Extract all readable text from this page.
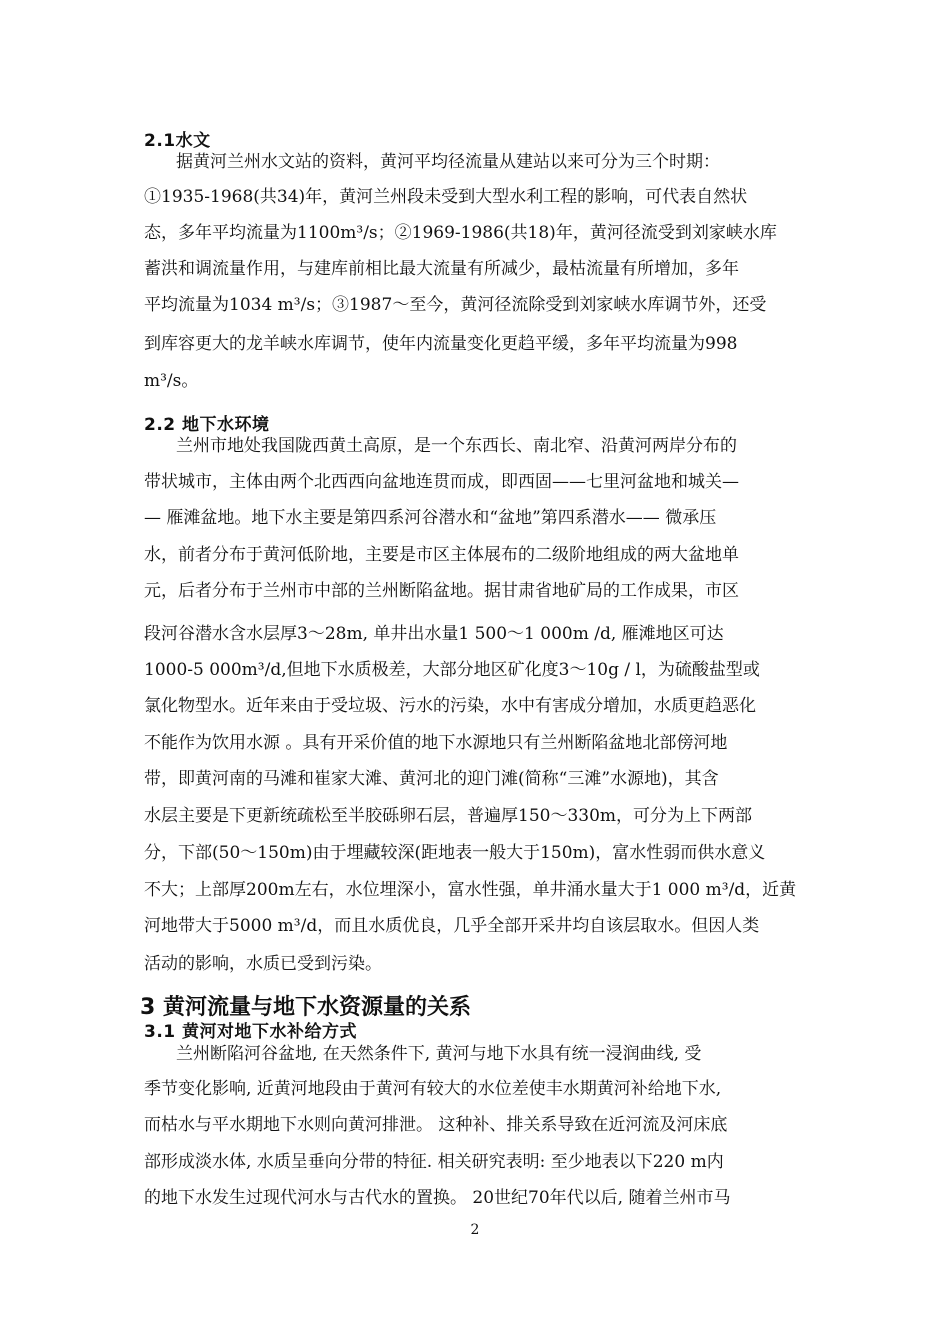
2.1水文
据黄河兰州水文站的资料，黄河平均径流量从建站以来可分为三个时期：
①1935-1968(共34)年，黄河兰州段未受到大型水利工程的影响，可代表自然状
态，多年平均流量为1100m³/s；②1969-1986(共18)年，黄河径流受到刘家峡水库
蓄洪和调流量作用，与建库前相比最大流量有所减少，最枯流量有所增加，多年
平均流量为1034 m³/s；③1987～至今，黄河径流除受到刘家峡水库调节外，还受
到库容更大的龙羊峡水库调节，使年内流量变化更趋平缓，多年平均流量为998
m³/s。
2.2 地下水环境
兰州市地处我国陇西黄土高原，是一个东西长、南北窄、沿黄河两岸分布的
带状城市，主体由两个北西西向盆地连贯而成，即西固——七里河盆地和城关—
— 雁滩盆地。地下水主要是第四系河谷潜水和“盆地”第四系潜水—— 微承压
水，前者分布于黄河低阶地，主要是市区主体展布的二级阶地组成的两大盆地单
元，后者分布于兰州市中部的兰州断陷盆地。据甘肃省地矿局的工作成果，市区
段河谷潜水含水层厚3～28m, 单井出水量1 500～1 000m /d, 雁滩地区可达
1000-5 000m³/d,但地下水质极差，大部分地区矿化度3～10g / l，为硫酸盐型或
氯化物型水。近年来由于受垃圾、污水的污染，水中有害成分增加，水质更趋恶化
不能作为饮用水源 。具有开采价值的地下水源地只有兰州断陷盆地北部傍河地
带，即黄河南的马滩和崔家大滩、黄河北的迎门滩(简称“三滩”水源地)，其含
水层主要是下更新统疏松至半胶砾卵石层，普遍厚150～330m，可分为上下两部
分，下部(50～150m)由于埋藏较深(距地表一般大于150m)，富水性弱而供水意义
不大；上部厚200m左右，水位埋深小，富水性强，单井涌水量大于1 000 m³/d，近黄
河地带大于5000 m³/d，而且水质优良，几乎全部开采井均自该层取水。但因人类
活动的影响，水质已受到污染。
3 黄河流量与地下水资源量的关系
3.1 黄河对地下水补给方式
兰州断陷河谷盆地, 在天然条件下, 黄河与地下水具有统一浸润曲线, 受
季节变化影响, 近黄河地段由于黄河有较大的水位差使丰水期黄河补给地下水,
而枯水与平水期地下水则向黄河排泄。 这种补、排关系导致在近河流及河床底
部形成淡水体, 水质呈垂向分带的特征. 相关研究表明: 至少地表以下220 m内
的地下水发生过现代河水与古代水的置换。 20世纪70年代以后, 随着兰州市马
2
